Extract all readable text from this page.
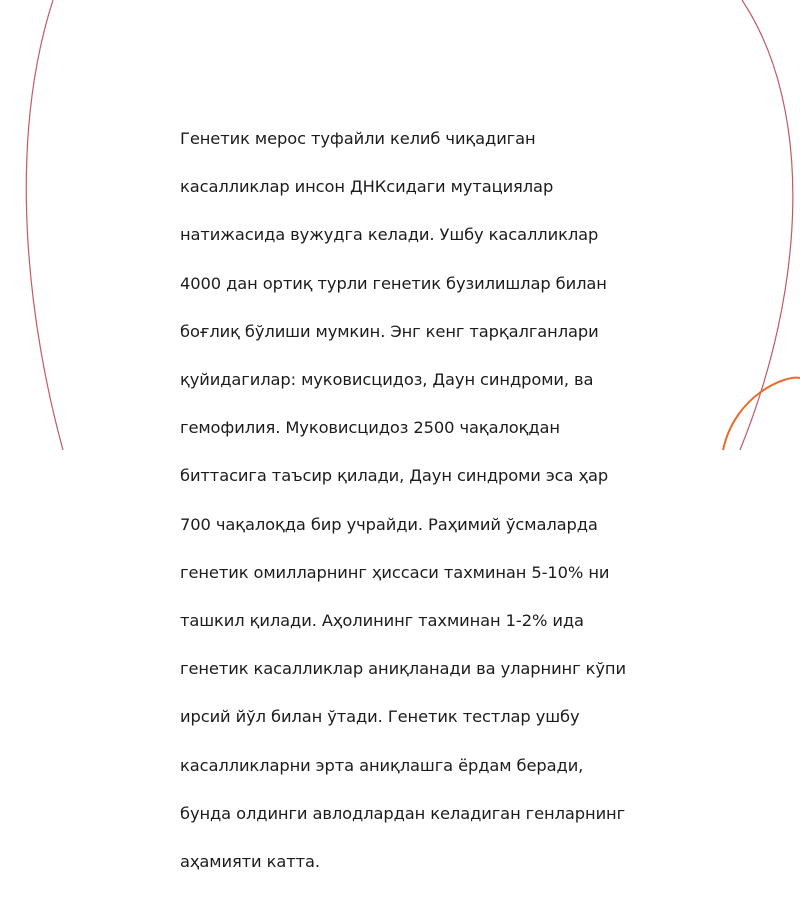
Генетик мерос туфайли келиб чиқадиган

касалликлар инсон ДНКсидаги мутациялар

натижасида вужудга келади. Ушбу касалликлар

4000 дан ортиқ турли генетик бузилишлар билан

боғлиқ бўлиши мумкин. Энг кенг тарқалганлари

қуйидагилар: муковисцидоз, Даун синдроми, ва

гемофилия. Муковисцидоз 2500 чақалоқдан

биттасига таъсир қилади, Даун синдроми эса ҳар

700 чақалоқда бир учрайди. Раҳимий ўсмаларда

генетик омилларнинг ҳиссаси тахминан 5-10% ни

ташкил қилади. Аҳолининг тахминан 1-2% ида

генетик касалликлар аниқланади ва уларнинг кўпи

ирсий йўл билан ўтади. Генетик тестлар ушбу

касалликларни эрта аниқлашга ёрдам беради,

бунда олдинги авлодлардан келадиган генларнинг

аҳамияти катта.
